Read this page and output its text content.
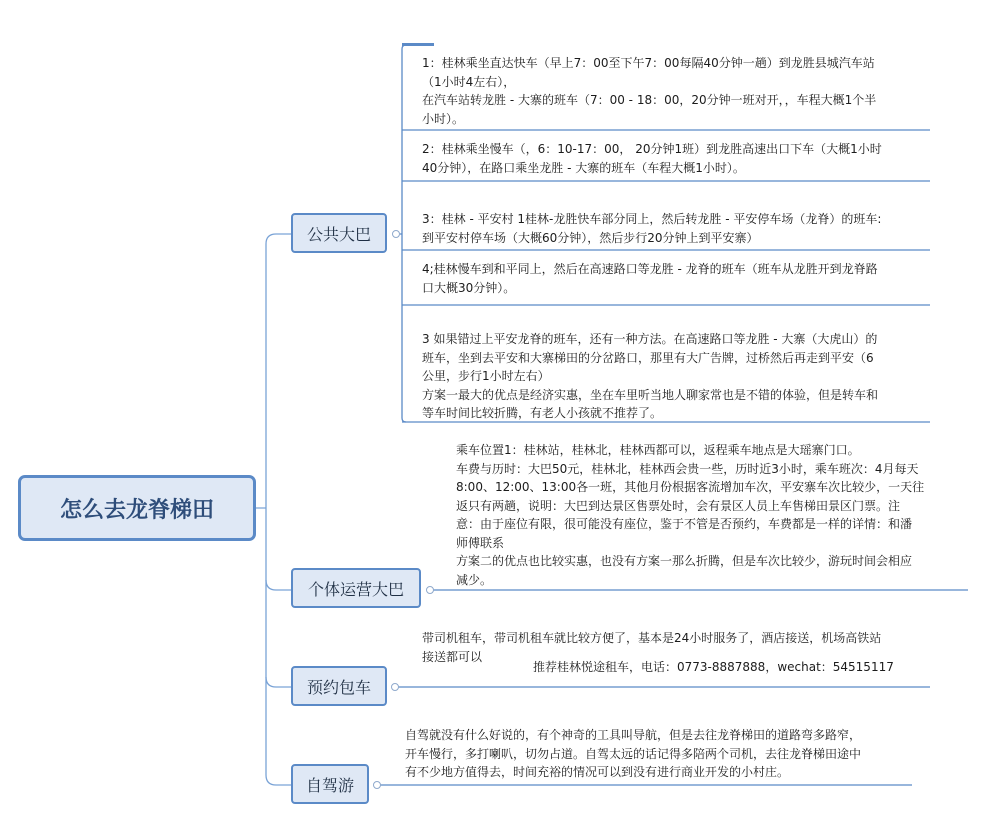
怎么去龙脊梯田
公共大巴
个体运营大巴
预约包车
自驾游
1：桂林乘坐直达快车（早上7：00至下午7：00每隔40分钟一趟）到龙胜县城汽车站
（1小时4左右），
在汽车站转龙胜 - 大寨的班车（7：00 - 18：00，20分钟一班对开，，车程大概1个半
小时）。
2：桂林乘坐慢车（，6：10-17：00， 20分钟1班）到龙胜高速出口下车（大概1小时
40分钟），在路口乘坐龙胜 - 大寨的班车（车程大概1小时）。
3：桂林 - 平安村 1桂林-龙胜快车部分同上，然后转龙胜 - 平安停车场（龙脊）的班车:
到平安村停车场（大概60分钟），然后步行20分钟上到平安寨）
4;桂林慢车到和平同上，然后在高速路口等龙胜 - 龙脊的班车（班车从龙胜开到龙脊路
口大概30分钟）。
3 如果错过上平安龙脊的班车，还有一种方法。在高速路口等龙胜 - 大寨（大虎山）的
班车，坐到去平安和大寨梯田的分岔路口，那里有大广告牌，过桥然后再走到平安（6
公里，步行1小时左右）
方案一最大的优点是经济实惠，坐在车里听当地人聊家常也是不错的体验，但是转车和
等车时间比较折腾，有老人小孩就不推荐了。
乘车位置1：桂林站，桂林北，桂林西都可以，返程乘车地点是大瑶寨门口。
车费与历时：大巴50元，桂林北，桂林西会贵一些，历时近3小时，乘车班次：4月每天
8:00、12:00、13:00各一班，其他月份根据客流增加车次，平安寨车次比较少，一天往
返只有两趟，说明：大巴到达景区售票处时，会有景区人员上车售梯田景区门票。注
意：由于座位有限，很可能没有座位，鉴于不管是否预约，车费都是一样的详情：和潘
师傅联系
方案二的优点也比较实惠，也没有方案一那么折腾，但是车次比较少，游玩时间会相应
减少。
带司机租车，带司机租车就比较方便了，基本是24小时服务了，酒店接送，机场高铁站
接送都可以
推荐桂林悦途租车，电话：0773-8887888，wechat：54515117
自驾就没有什么好说的，有个神奇的工具叫导航，但是去往龙脊梯田的道路弯多路窄，
开车慢行，多打喇叭，切勿占道。自驾太远的话记得多陪两个司机，去往龙脊梯田途中
有不少地方值得去，时间充裕的情况可以到没有进行商业开发的小村庄。
